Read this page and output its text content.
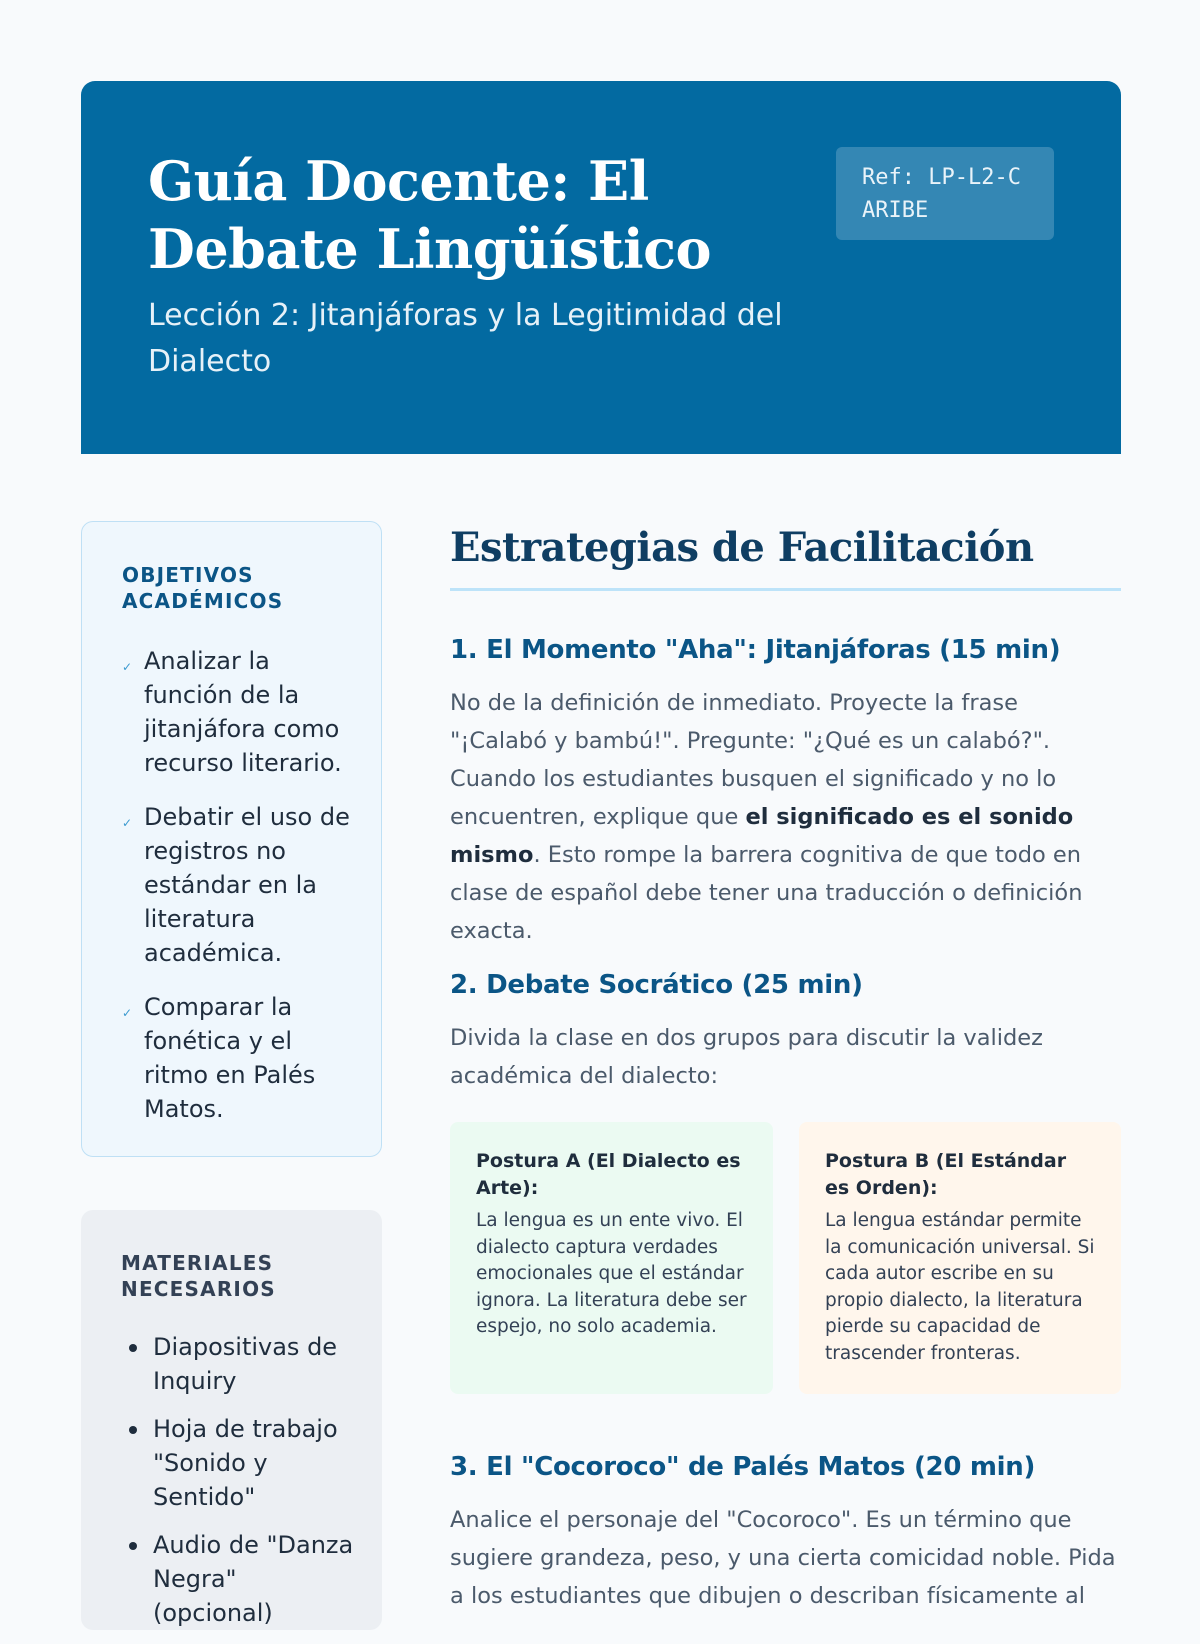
Guía Docente: El Debate Lingüístico

Lección 2: Jitanjáforas y la Legitimidad del Dialecto

Ref: LP-L2-CARIBE
OBJETIVOS ACADÉMICOS
✓ Analizar la función de la jitanjáfora como recurso literario.
✓ Debatir el uso de registros no estándar en la literatura académica.
✓ Comparar la fonética y el ritmo en Palés Matos.
MATERIALES NECESARIOS
Diapositivas de Inquiry
Hoja de trabajo "Sonido y Sentido"
Audio de "Danza Negra" (opcional)
Estrategias de Facilitación
1. El Momento "Aha": Jitanjáforas (15 min)

No de la definición de inmediato. Proyecte la frase "¡Calabó y bambú!". Pregunte: "¿Qué es un calabó?". Cuando los estudiantes busquen el significado y no lo encuentren, explique que el significado es el sonido mismo. Esto rompe la barrera cognitiva de que todo en clase de español debe tener una traducción o definición exacta.

2. Debate Socrático (25 min)

Divida la clase en dos grupos para discutir la validez académica del dialecto:

Postura A (El Dialecto es Arte):

La lengua es un ente vivo. El dialecto captura verdades emocionales que el estándar ignora. La literatura debe ser espejo, no solo academia.

Postura B (El Estándar es Orden):

La lengua estándar permite la comunicación universal. Si cada autor escribe en su propio dialecto, la literatura pierde su capacidad de trascender fronteras.

3. El "Cocoroco" de Palés Matos (20 min)

Analice el personaje del "Cocoroco". Es un término que sugiere grandeza, peso, y una cierta comicidad noble. Pida a los estudiantes que dibujen o describan físicamente al
